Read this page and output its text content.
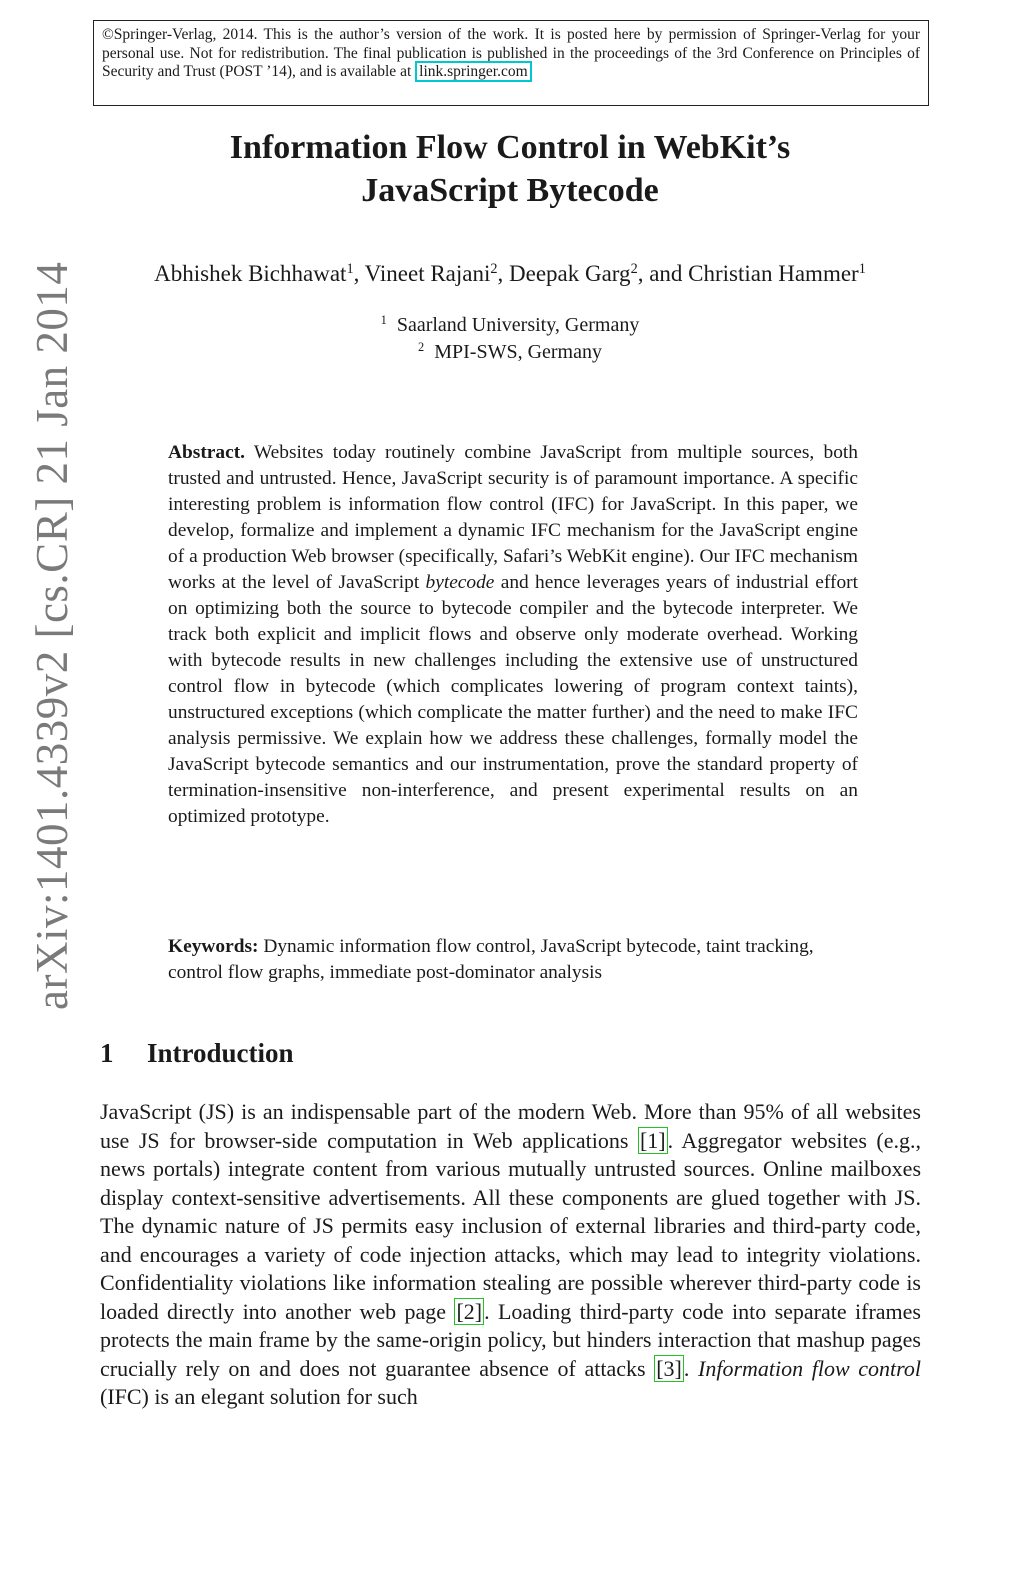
©Springer-Verlag, 2014. This is the author’s version of the work. It is posted here by permission of Springer-Verlag for your personal use. Not for redistribution. The final publication is published in the proceedings of the 3rd Conference on Principles of Security and Trust (POST ’14), and is available at link.springer.com
arXiv:1401.4339v2 [cs.CR] 21 Jan 2014
Information Flow Control in WebKit’s
JavaScript Bytecode
Abhishek Bichhawat$^1$, Vineet Rajani$^2$, Deepak Garg$^2$, and Christian Hammer$^1$
$^1$ Saarland University, Germany
$^2$ MPI-SWS, Germany
Abstract. Websites today routinely combine JavaScript from multiple sources, both trusted and untrusted. Hence, JavaScript security is of paramount importance. A specific interesting problem is information flow control (IFC) for JavaScript. In this paper, we develop, formalize and implement a dynamic IFC mechanism for the JavaScript engine of a production Web browser (specifically, Safari’s WebKit engine). Our IFC mechanism works at the level of JavaScript bytecode and hence leverages years of industrial effort on optimizing both the source to bytecode compiler and the bytecode interpreter. We track both explicit and implicit flows and observe only moderate overhead. Working with bytecode results in new challenges including the extensive use of unstructured control flow in bytecode (which complicates lowering of program context taints), unstructured exceptions (which complicate the matter further) and the need to make IFC analysis permissive. We explain how we address these challenges, formally model the JavaScript bytecode semantics and our instrumentation, prove the standard property of termination-insensitive non-interference, and present experimental results on an optimized prototype.
Keywords: Dynamic information flow control, JavaScript bytecode, taint tracking, control flow graphs, immediate post-dominator analysis
1 Introduction
JavaScript (JS) is an indispensable part of the modern Web. More than 95% of all websites use JS for browser-side computation in Web applications [1]. Aggregator websites (e.g., news portals) integrate content from various mutually untrusted sources. Online mailboxes display context-sensitive advertisements. All these components are glued together with JS. The dynamic nature of JS permits easy inclusion of external libraries and third-party code, and encourages a variety of code injection attacks, which may lead to integrity violations. Confidentiality violations like information stealing are possible wherever third-party code is loaded directly into another web page [2]. Loading third-party code into separate iframes protects the main frame by the same-origin policy, but hinders interaction that mashup pages crucially rely on and does not guarantee absence of attacks [3]. Information flow control (IFC) is an elegant solution for such
